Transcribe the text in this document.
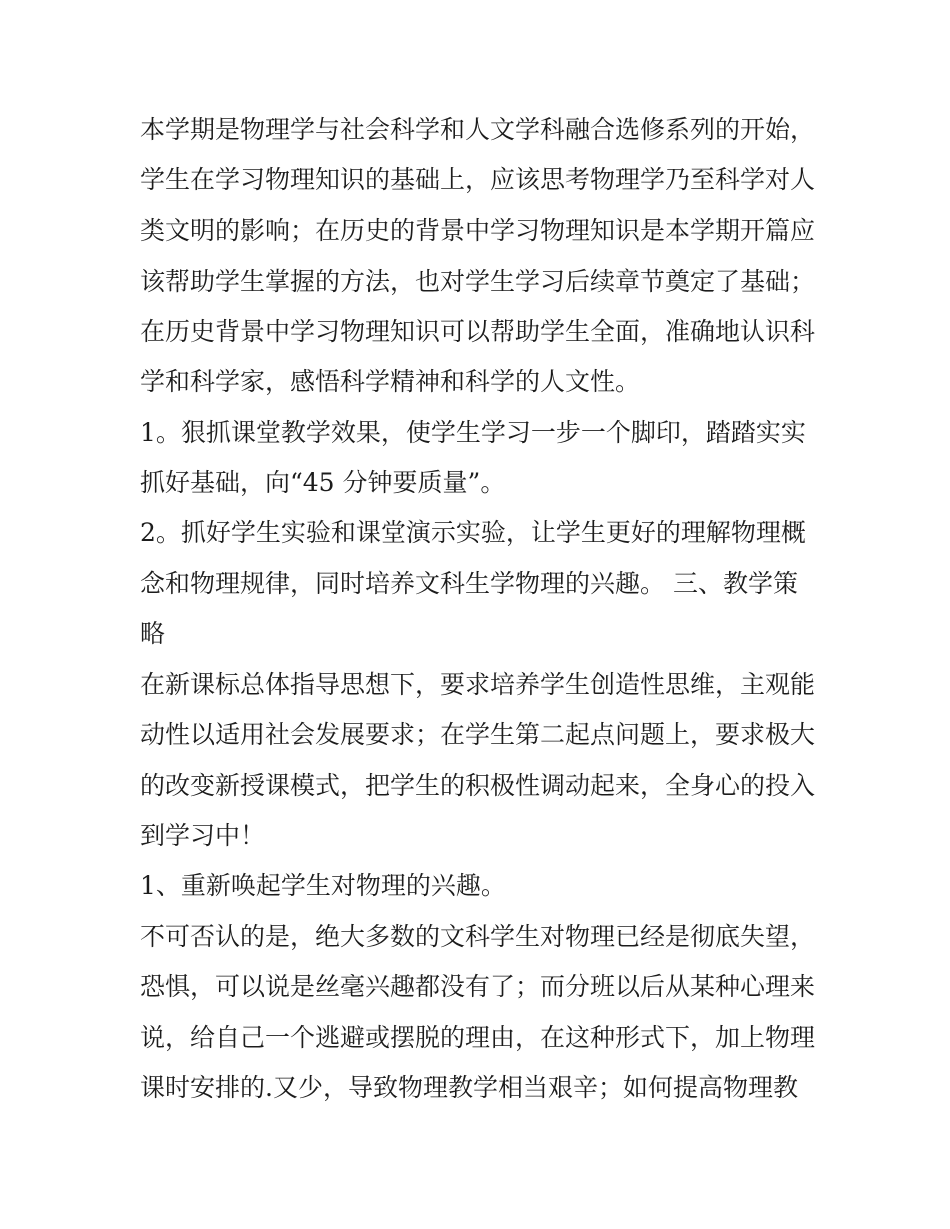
本学期是物理学与社会科学和人文学科融合选修系列的开始，
学生在学习物理知识的基础上，应该思考物理学乃至科学对人
类文明的影响；在历史的背景中学习物理知识是本学期开篇应
该帮助学生掌握的方法，也对学生学习后续章节奠定了基础；
在历史背景中学习物理知识可以帮助学生全面，准确地认识科
学和科学家，感悟科学精神和科学的人文性。
1。狠抓课堂教学效果，使学生学习一步一个脚印，踏踏实实
抓好基础，向“45 分钟要质量”。
2。抓好学生实验和课堂演示实验，让学生更好的理解物理概
念和物理规律，同时培养文科生学物理的兴趣。 三、教学策
略
在新课标总体指导思想下，要求培养学生创造性思维，主观能
动性以适用社会发展要求；在学生第二起点问题上，要求极大
的改变新授课模式，把学生的积极性调动起来，全身心的投入
到学习中！
1、重新唤起学生对物理的兴趣。
不可否认的是，绝大多数的文科学生对物理已经是彻底失望，
恐惧，可以说是丝毫兴趣都没有了；而分班以后从某种心理来
说，给自己一个逃避或摆脱的理由，在这种形式下，加上物理
课时安排的.又少，导致物理教学相当艰辛；如何提高物理教
